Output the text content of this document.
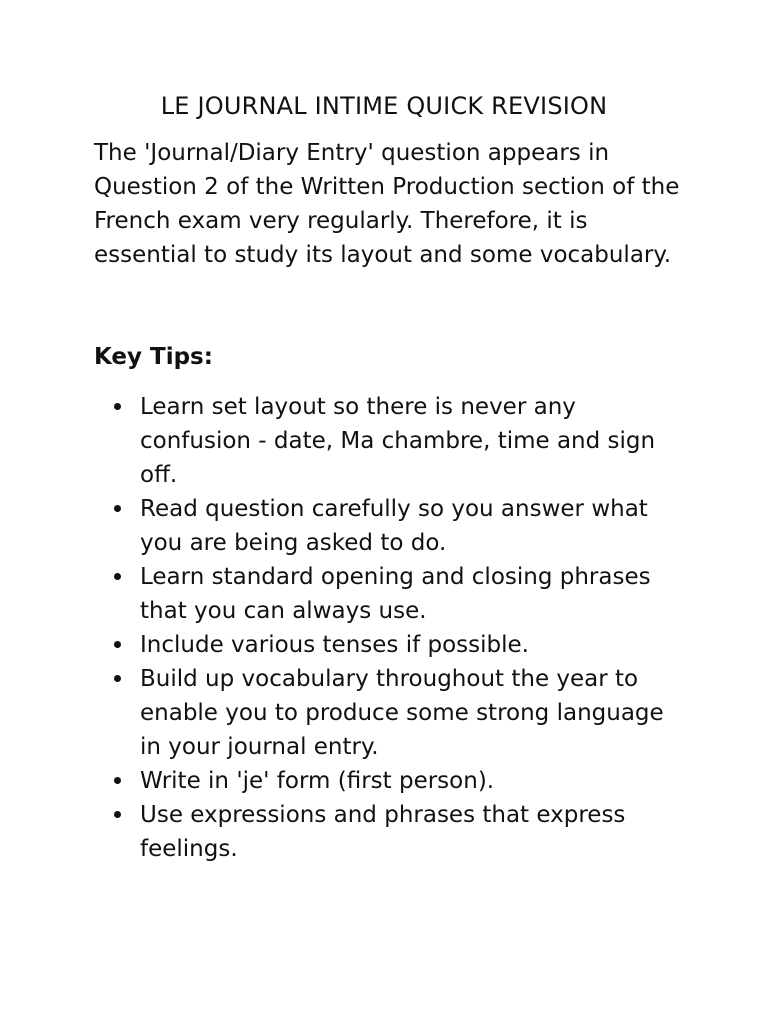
LE JOURNAL INTIME QUICK REVISION
The 'Journal/Diary Entry' question appears in Question 2 of the Written Production section of the French exam very regularly. Therefore, it is essential to study its layout and some vocabulary.
Key Tips:
Learn set layout so there is never any confusion - date, Ma chambre, time and sign off.
Read question carefully so you answer what you are being asked to do.
Learn standard opening and closing phrases that you can always use.
Include various tenses if possible.
Build up vocabulary throughout the year to enable you to produce some strong language in your journal entry.
Write in 'je' form (first person).
Use expressions and phrases that express feelings.
